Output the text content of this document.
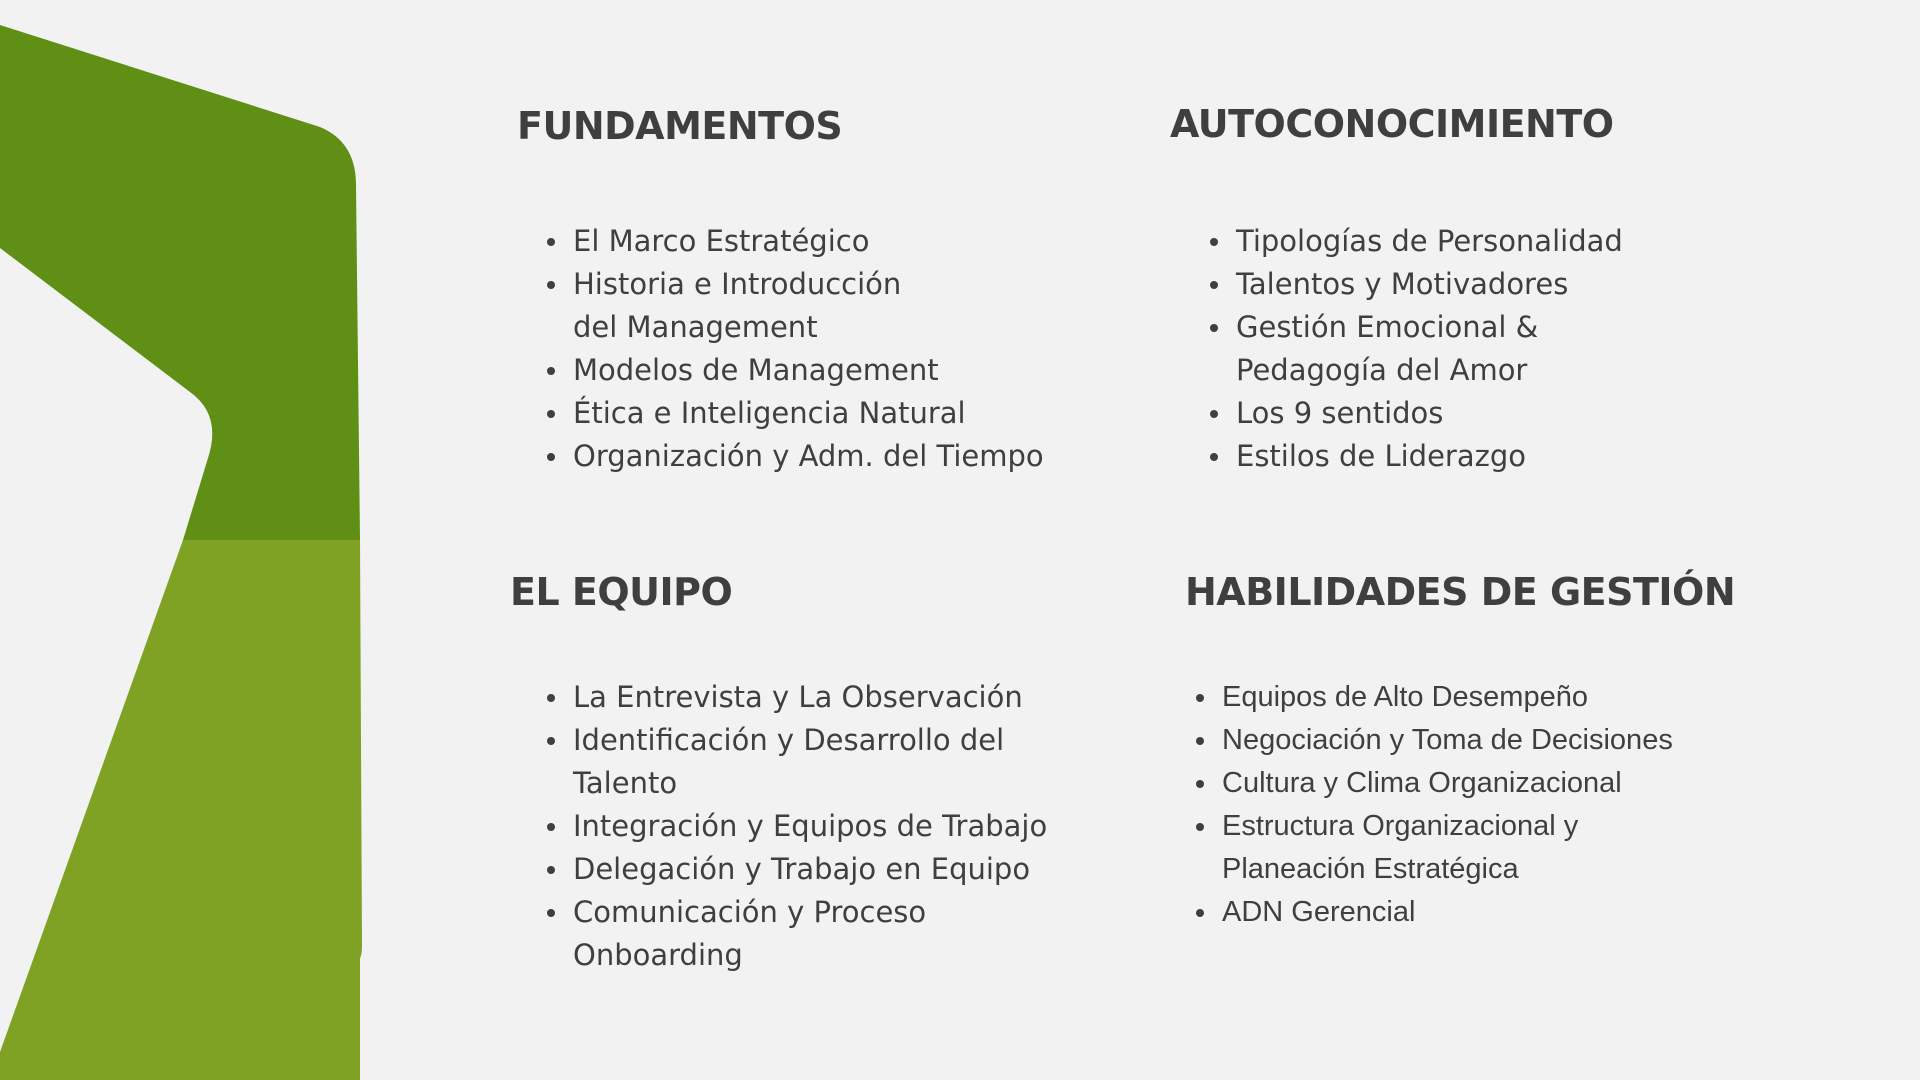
FUNDAMENTOS
El Marco Estratégico
Historia e Introducción
del Management
Modelos de Management
Ética e Inteligencia Natural
Organización y Adm. del Tiempo
AUTOCONOCIMIENTO
Tipologías de Personalidad
Talentos y Motivadores
Gestión Emocional &
Pedagogía del Amor
Los 9 sentidos
Estilos de Liderazgo
EL EQUIPO
La Entrevista y La Observación
Identificación y Desarrollo del
Talento
Integración y Equipos de Trabajo
Delegación y Trabajo en Equipo
Comunicación y Proceso
Onboarding
HABILIDADES DE GESTIÓN
Equipos de Alto Desempeño
Negociación y Toma de Decisiones
Cultura y Clima Organizacional
Estructura Organizacional y
Planeación Estratégica
ADN Gerencial
